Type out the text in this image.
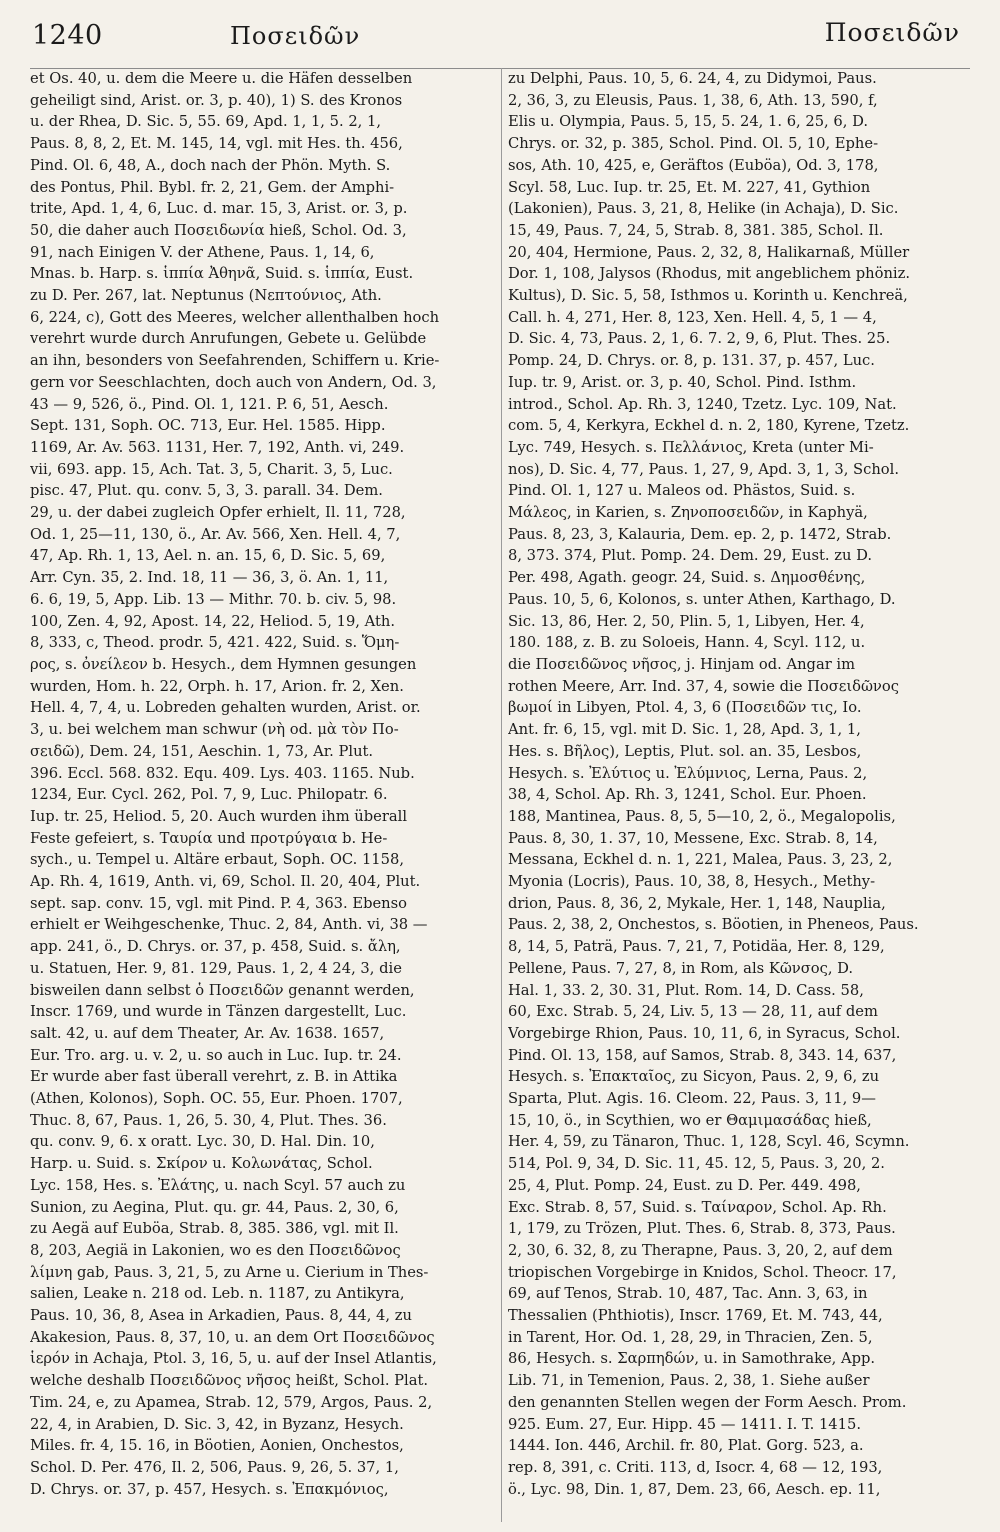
1240	Ποσειδῶν	Ποσειδῶν
et Os. 40, u. dem die Meere u. die Häfen desselben
geheiligt sind, Arist. or. 3, p. 40), 1) S. des Kronos
u. der Rhea, D. Sic. 5, 55. 69, Apd. 1, 1, 5. 2, 1,
Paus. 8, 8, 2, Et. M. 145, 14, vgl. mit Hes. th. 456,
Pind. Ol. 6, 48, A., doch nach der Phön. Myth. S.
des Pontus, Phil. Bybl. fr. 2, 21, Gem. der Amphi-
trite, Apd. 1, 4, 6, Luc. d. mar. 15, 3, Arist. or. 3, p.
50, die daher auch Ποσειδωνία hieß, Schol. Od. 3,
91, nach Einigen V. der Athene, Paus. 1, 14, 6,
Mnas. b. Harp. s. ἱππία Ἀθηνᾶ, Suid. s. ἱππία, Eust.
zu D. Per. 267, lat. Neptunus (Νεπτούνιος, Ath.
6, 224, c), Gott des Meeres, welcher allenthalben hoch
verehrt wurde durch Anrufungen, Gebete u. Gelübde
an ihn, besonders von Seefahrenden, Schiffern u. Krie-
gern vor Seeschlachten, doch auch von Andern, Od. 3,
43 — 9, 526, ö., Pind. Ol. 1, 121. P. 6, 51, Aesch.
Sept. 131, Soph. OC. 713, Eur. Hel. 1585. Hipp.
1169, Ar. Av. 563. 1131, Her. 7, 192, Anth. vi, 249.
vii, 693. app. 15, Ach. Tat. 3, 5, Charit. 3, 5, Luc.
pisc. 47, Plut. qu. conv. 5, 3, 3. parall. 34. Dem.
29, u. der dabei zugleich Opfer erhielt, Il. 11, 728,
Od. 1, 25—11, 130, ö., Ar. Av. 566, Xen. Hell. 4, 7,
47, Ap. Rh. 1, 13, Ael. n. an. 15, 6, D. Sic. 5, 69,
Arr. Cyn. 35, 2. Ind. 18, 11 — 36, 3, ö. An. 1, 11,
6. 6, 19, 5, App. Lib. 13 — Mithr. 70. b. civ. 5, 98.
100, Zen. 4, 92, Apost. 14, 22, Heliod. 5, 19, Ath.
8, 333, c, Theod. prodr. 5, 421. 422, Suid. s. Ὅμη-
ρος, s. ὀνείλεον b. Hesych., dem Hymnen gesungen
wurden, Hom. h. 22, Orph. h. 17, Arion. fr. 2, Xen.
Hell. 4, 7, 4, u. Lobreden gehalten wurden, Arist. or.
3, u. bei welchem man schwur (νὴ od. μὰ τὸν Πο-
σειδῶ), Dem. 24, 151, Aeschin. 1, 73, Ar. Plut.
396. Eccl. 568. 832. Equ. 409. Lys. 403. 1165. Nub.
1234, Eur. Cycl. 262, Pol. 7, 9, Luc. Philopatr. 6.
Iup. tr. 25, Heliod. 5, 20. Auch wurden ihm überall
Feste gefeiert, s. Ταυρία und προτρύγαια b. He-
sych., u. Tempel u. Altäre erbaut, Soph. OC. 1158,
Ap. Rh. 4, 1619, Anth. vi, 69, Schol. Il. 20, 404, Plut.
sept. sap. conv. 15, vgl. mit Pind. P. 4, 363. Ebenso
erhielt er Weihgeschenke, Thuc. 2, 84, Anth. vi, 38 —
app. 241, ö., D. Chrys. or. 37, p. 458, Suid. s. ἄλη,
u. Statuen, Her. 9, 81. 129, Paus. 1, 2, 4 24, 3, die
bisweilen dann selbst ὁ Ποσειδῶν genannt werden,
Inscr. 1769, und wurde in Tänzen dargestellt, Luc.
salt. 42, u. auf dem Theater, Ar. Av. 1638. 1657,
Eur. Tro. arg. u. v. 2, u. so auch in Luc. Iup. tr. 24.
Er wurde aber fast überall verehrt, z. B. in Attika
(Athen, Kolonos), Soph. OC. 55, Eur. Phoen. 1707,
Thuc. 8, 67, Paus. 1, 26, 5. 30, 4, Plut. Thes. 36.
qu. conv. 9, 6. x oratt. Lyc. 30, D. Hal. Din. 10,
Harp. u. Suid. s. Σκίρον u. Κολωνάτας, Schol.
Lyc. 158, Hes. s. Ἐλάτης, u. nach Scyl. 57 auch zu
Sunion, zu Aegina, Plut. qu. gr. 44, Paus. 2, 30, 6,
zu Aegä auf Euböa, Strab. 8, 385. 386, vgl. mit Il.
8, 203, Aegiä in Lakonien, wo es den Ποσειδῶνος
λίμνη gab, Paus. 3, 21, 5, zu Arne u. Cierium in Thes-
salien, Leake n. 218 od. Leb. n. 1187, zu Antikyra,
Paus. 10, 36, 8, Asea in Arkadien, Paus. 8, 44, 4, zu
Akakesion, Paus. 8, 37, 10, u. an dem Ort Ποσειδῶνος
ἱερόν in Achaja, Ptol. 3, 16, 5, u. auf der Insel Atlantis,
welche deshalb Ποσειδῶνος νῆσος heißt, Schol. Plat.
Tim. 24, e, zu Apamea, Strab. 12, 579, Argos, Paus. 2,
22, 4, in Arabien, D. Sic. 3, 42, in Byzanz, Hesych.
Miles. fr. 4, 15. 16, in Böotien, Aonien, Onchestos,
Schol. D. Per. 476, Il. 2, 506, Paus. 9, 26, 5. 37, 1,
D. Chrys. or. 37, p. 457, Hesych. s. Ἐπακμόνιος,
zu Delphi, Paus. 10, 5, 6. 24, 4, zu Didymoi, Paus.
2, 36, 3, zu Eleusis, Paus. 1, 38, 6, Ath. 13, 590, f,
Elis u. Olympia, Paus. 5, 15, 5. 24, 1. 6, 25, 6, D.
Chrys. or. 32, p. 385, Schol. Pind. Ol. 5, 10, Ephe-
sos, Ath. 10, 425, e, Geräftos (Euböa), Od. 3, 178,
Scyl. 58, Luc. Iup. tr. 25, Et. M. 227, 41, Gythion
(Lakonien), Paus. 3, 21, 8, Helike (in Achaja), D. Sic.
15, 49, Paus. 7, 24, 5, Strab. 8, 381. 385, Schol. Il.
20, 404, Hermione, Paus. 2, 32, 8, Halikarnaß, Müller
Dor. 1, 108, Jalysos (Rhodus, mit angeblichem phöniz.
Kultus), D. Sic. 5, 58, Isthmos u. Korinth u. Kenchreä,
Call. h. 4, 271, Her. 8, 123, Xen. Hell. 4, 5, 1 — 4,
D. Sic. 4, 73, Paus. 2, 1, 6. 7. 2, 9, 6, Plut. Thes. 25.
Pomp. 24, D. Chrys. or. 8, p. 131. 37, p. 457, Luc.
Iup. tr. 9, Arist. or. 3, p. 40, Schol. Pind. Isthm.
introd., Schol. Ap. Rh. 3, 1240, Tzetz. Lyc. 109, Nat.
com. 5, 4, Kerkyra, Eckhel d. n. 2, 180, Kyrene, Tzetz.
Lyc. 749, Hesych. s. Πελλάνιος, Kreta (unter Mi-
nos), D. Sic. 4, 77, Paus. 1, 27, 9, Apd. 3, 1, 3, Schol.
Pind. Ol. 1, 127 u. Maleos od. Phästos, Suid. s.
Μάλεος, in Karien, s. Ζηνοποσειδῶν, in Kaphyä,
Paus. 8, 23, 3, Kalauria, Dem. ep. 2, p. 1472, Strab.
8, 373. 374, Plut. Pomp. 24. Dem. 29, Eust. zu D.
Per. 498, Agath. geogr. 24, Suid. s. Δημοσθένης,
Paus. 10, 5, 6, Kolonos, s. unter Athen, Karthago, D.
Sic. 13, 86, Her. 2, 50, Plin. 5, 1, Libyen, Her. 4,
180. 188, z. B. zu Soloeis, Hann. 4, Scyl. 112, u.
die Ποσειδῶνος νῆσος, j. Hinjam od. Angar im
rothen Meere, Arr. Ind. 37, 4, sowie die Ποσειδῶνος
βωμοί in Libyen, Ptol. 4, 3, 6 (Ποσειδῶν τις, Io.
Ant. fr. 6, 15, vgl. mit D. Sic. 1, 28, Apd. 3, 1, 1,
Hes. s. Βῆλος), Leptis, Plut. sol. an. 35, Lesbos,
Hesych. s. Ἐλύτιος u. Ἐλύμνιος, Lerna, Paus. 2,
38, 4, Schol. Ap. Rh. 3, 1241, Schol. Eur. Phoen.
188, Mantinea, Paus. 8, 5, 5—10, 2, ö., Megalopolis,
Paus. 8, 30, 1. 37, 10, Messene, Exc. Strab. 8, 14,
Messana, Eckhel d. n. 1, 221, Malea, Paus. 3, 23, 2,
Myonia (Locris), Paus. 10, 38, 8, Hesych., Methy-
drion, Paus. 8, 36, 2, Mykale, Her. 1, 148, Nauplia,
Paus. 2, 38, 2, Onchestos, s. Böotien, in Pheneos, Paus.
8, 14, 5, Paträ, Paus. 7, 21, 7, Potidäa, Her. 8, 129,
Pellene, Paus. 7, 27, 8, in Rom, als Κῶνσος, D.
Hal. 1, 33. 2, 30. 31, Plut. Rom. 14, D. Cass. 58,
60, Exc. Strab. 5, 24, Liv. 5, 13 — 28, 11, auf dem
Vorgebirge Rhion, Paus. 10, 11, 6, in Syracus, Schol.
Pind. Ol. 13, 158, auf Samos, Strab. 8, 343. 14, 637,
Hesych. s. Ἐπακταῖος, zu Sicyon, Paus. 2, 9, 6, zu
Sparta, Plut. Agis. 16. Cleom. 22, Paus. 3, 11, 9—
15, 10, ö., in Scythien, wo er Θαμιμασάδας hieß,
Her. 4, 59, zu Tänaron, Thuc. 1, 128, Scyl. 46, Scymn.
514, Pol. 9, 34, D. Sic. 11, 45. 12, 5, Paus. 3, 20, 2.
25, 4, Plut. Pomp. 24, Eust. zu D. Per. 449. 498,
Exc. Strab. 8, 57, Suid. s. Ταίναρον, Schol. Ap. Rh.
1, 179, zu Trözen, Plut. Thes. 6, Strab. 8, 373, Paus.
2, 30, 6. 32, 8, zu Therapne, Paus. 3, 20, 2, auf dem
triopischen Vorgebirge in Knidos, Schol. Theocr. 17,
69, auf Tenos, Strab. 10, 487, Tac. Ann. 3, 63, in
Thessalien (Phthiotis), Inscr. 1769, Et. M. 743, 44,
in Tarent, Hor. Od. 1, 28, 29, in Thracien, Zen. 5,
86, Hesych. s. Σαρπηδών, u. in Samothrake, App.
Lib. 71, in Temenion, Paus. 2, 38, 1. Siehe außer
den genannten Stellen wegen der Form Aesch. Prom.
925. Eum. 27, Eur. Hipp. 45 — 1411. I. T. 1415.
1444. Ion. 446, Archil. fr. 80, Plat. Gorg. 523, a.
rep. 8, 391, c. Criti. 113, d, Isocr. 4, 68 — 12, 193,
ö., Lyc. 98, Din. 1, 87, Dem. 23, 66, Aesch. ep. 11,
